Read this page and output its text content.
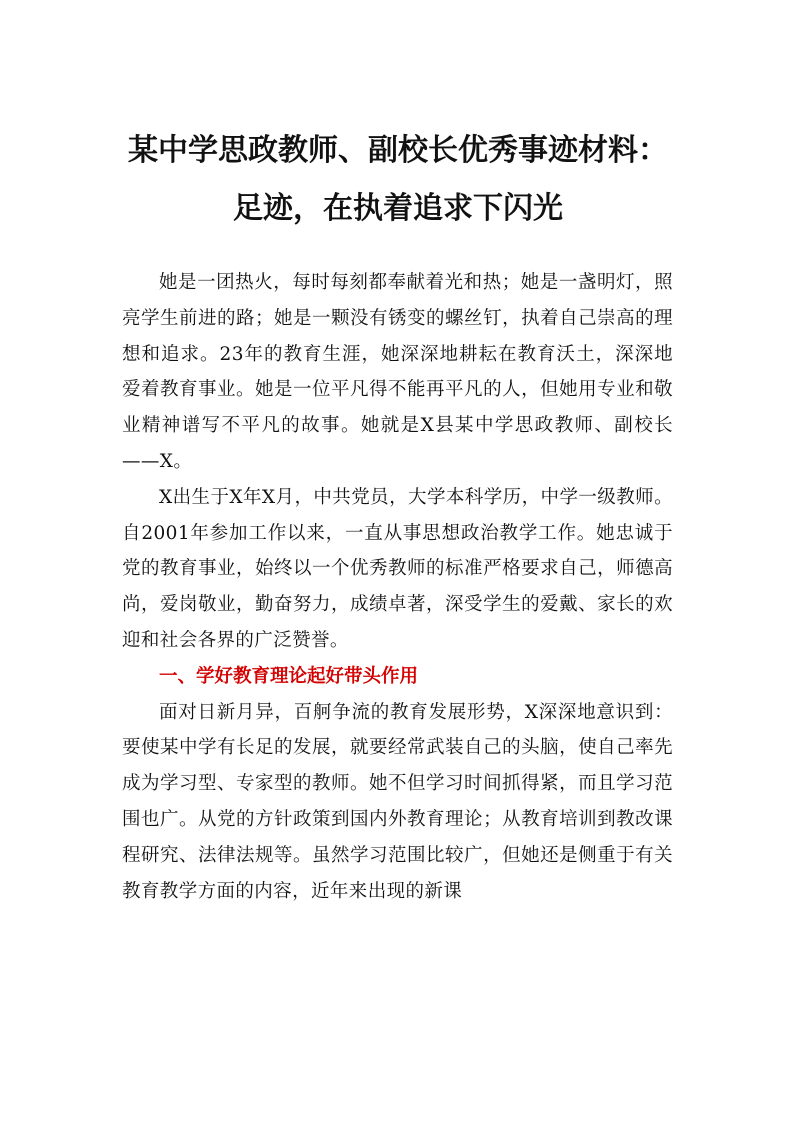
某中学思政教师、副校长优秀事迹材料：足迹，在执着追求下闪光

她是一团热火，每时每刻都奉献着光和热；她是一盏明灯，照亮学生前进的路；她是一颗没有锈变的螺丝钉，执着自己崇高的理想和追求。23年的教育生涯，她深深地耕耘在教育沃土，深深地爱着教育事业。她是一位平凡得不能再平凡的人，但她用专业和敬业精神谱写不平凡的故事。她就是X县某中学思政教师、副校长——X。

X出生于X年X月，中共党员，大学本科学历，中学一级教师。自2001年参加工作以来，一直从事思想政治教学工作。她忠诚于党的教育事业，始终以一个优秀教师的标准严格要求自己，师德高尚，爱岗敬业，勤奋努力，成绩卓著，深受学生的爱戴、家长的欢迎和社会各界的广泛赞誉。

一、学好教育理论起好带头作用

面对日新月异，百舸争流的教育发展形势，X深深地意识到：要使某中学有长足的发展，就要经常武装自己的头脑，使自己率先成为学习型、专家型的教师。她不但学习时间抓得紧，而且学习范围也广。从党的方针政策到国内外教育理论；从教育培训到教改课程研究、法律法规等。虽然学习范围比较广，但她还是侧重于有关教育教学方面的内容，近年来出现的新课
